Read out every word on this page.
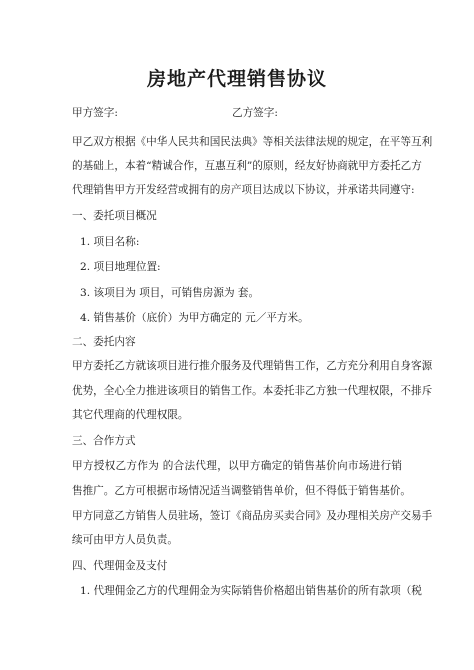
房地产代理销售协议
甲方签字:	乙方签字:
甲乙双方根据《中华人民共和国民法典》等相关法律法规的规定，在平等互利
的基础上，本着“精诚合作，互惠互利”的原则，经友好协商就甲方委托乙方
代理销售甲方开发经营或拥有的房产项目达成以下协议，并承诺共同遵守:
一、委托项目概况
1. 项目名称:
2. 项目地理位置:
3. 该项目为 项目，可销售房源为 套。
4. 销售基价（底价）为甲方确定的 元／平方米。
二、委托内容
甲方委托乙方就该项目进行推介服务及代理销售工作，乙方充分利用自身客源
优势，全心全力推进该项目的销售工作。本委托非乙方独一代理权限，不排斥
其它代理商的代理权限。
三、合作方式
甲方授权乙方作为 的合法代理，以甲方确定的销售基价向市场进行销
售推广。乙方可根据市场情况适当调整销售单价，但不得低于销售基价。
甲方同意乙方销售人员驻场，签订《商品房买卖合同》及办理相关房产交易手
续可由甲方人员负责。
四、代理佣金及支付
1. 代理佣金乙方的代理佣金为实际销售价格超出销售基价的所有款项（税
